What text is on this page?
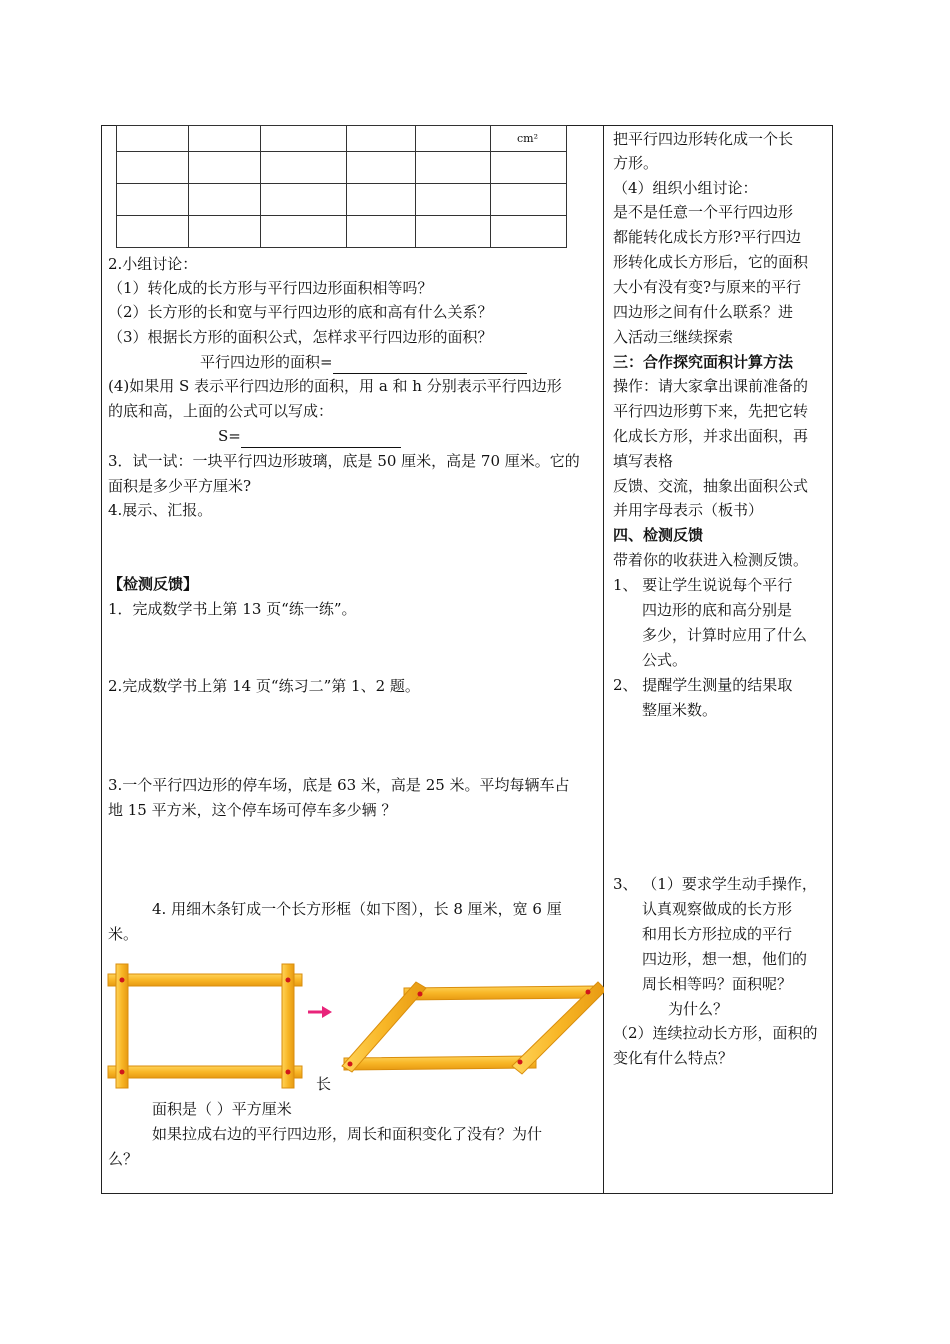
					cm²

2.小组讨论：
（1）转化成的长方形与平行四边形面积相等吗？
（2）长方形的长和宽与平行四边形的底和高有什么关系？
（3）根据长方形的面积公式，怎样求平行四边形的面积？
平行四边形的面积=
(4)如果用 S 表示平行四边形的面积，用 a 和 h 分别表示平行四边形
的底和高，上面的公式可以写成：
S=
3．试一试：一块平行四边形玻璃，底是 50 厘米，高是 70 厘米。它的
面积是多少平方厘米?
4.展示、汇报。
【检测反馈】
1．完成数学书上第 13 页“练一练”。
2.完成数学书上第 14 页“练习二”第 1、2 题。
3.一个平行四边形的停车场，底是 63 米，高是 25 米。平均每辆车占
地 15 平方米，这个停车场可停车多少辆 ？
4. 用细木条钉成一个长方形框（如下图），长 8 厘米，宽 6 厘
米。
长
面积是（ ）平方厘米
如果拉成右边的平行四边形，周长和面积变化了没有？为什
么？
把平行四边形转化成一个长
方形。
（4）组织小组讨论：
是不是任意一个平行四边形
都能转化成长方形?平行四边
形转化成长方形后，它的面积
大小有没有变?与原来的平行
四边形之间有什么联系？进
入活动三继续探索
三：合作探究面积计算方法
操作：请大家拿出课前准备的
平行四边形剪下来，先把它转
化成长方形，并求出面积，再
填写表格
反馈、交流，抽象出面积公式
并用字母表示（板书）
四、检测反馈
带着你的收获进入检测反馈。
1、 要让学生说说每个平行
四边形的底和高分别是
多少，计算时应用了什么
公式。
2、 提醒学生测量的结果取
整厘米数。
3、 （1）要求学生动手操作，
认真观察做成的长方形
和用长方形拉成的平行
四边形，想一想，他们的
周长相等吗？面积呢？
为什么？
（2）连续拉动长方形，面积的
变化有什么特点？
